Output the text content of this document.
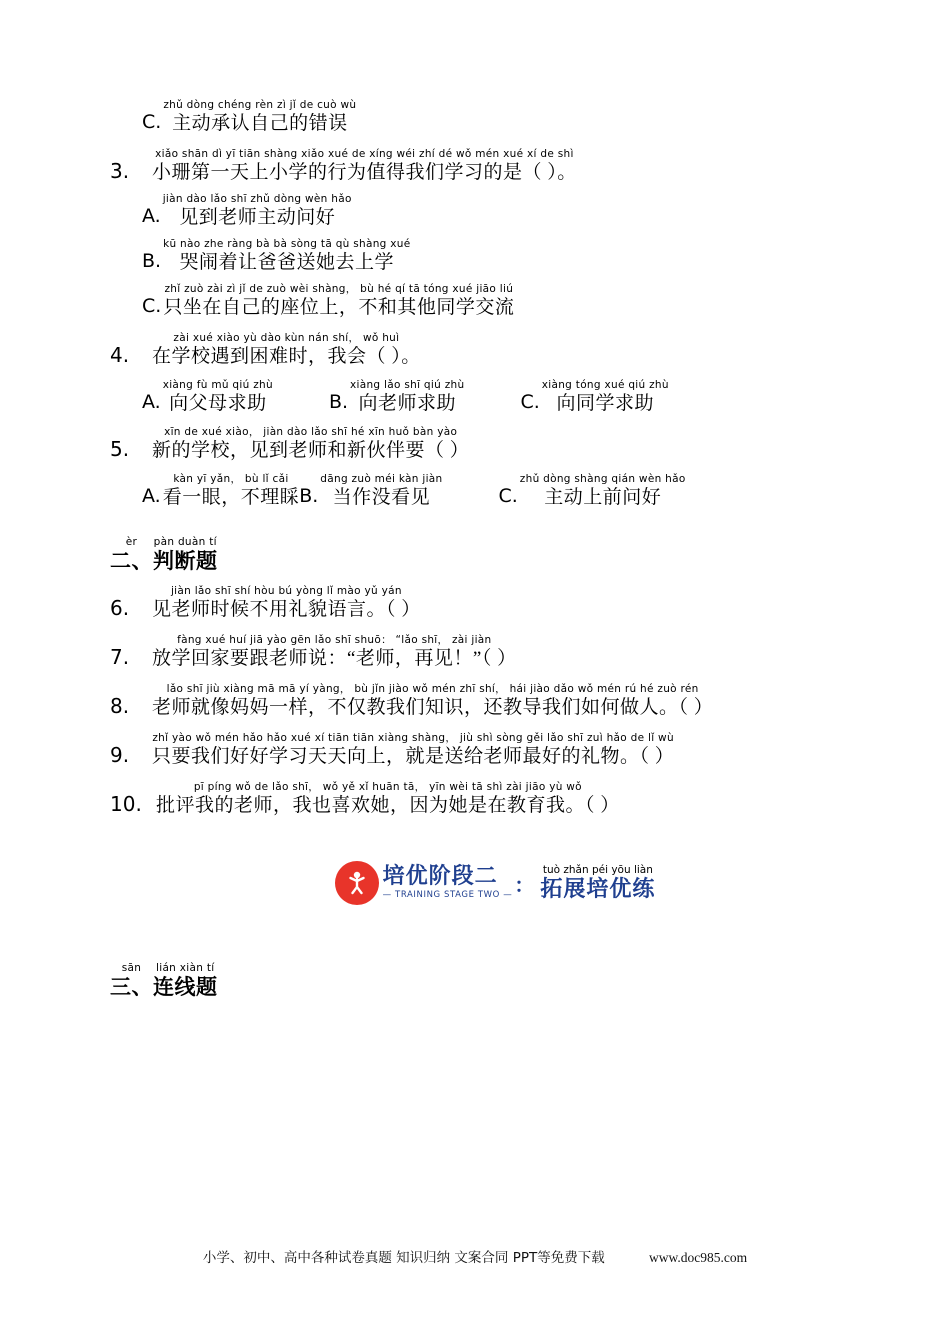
C.
zhǔ dòng chéng rèn zì jǐ de cuò wù
主动承认自己的错误
3.
xiǎo shān dì yī tiān shàng xiǎo xué de xíng wéi zhí dé wǒ mén xué xí de shì
小珊第一天上小学的行为值得我们学习的是（ ）。
A.
jiàn dào lǎo shī zhǔ dòng wèn hǎo
见到老师主动问好
B.
kū nào zhe ràng bà bà sòng tā qù shàng xué
哭闹着让爸爸送她去上学
C.
zhǐ zuò zài zì jǐ de zuò wèi shàng， bù hé qí tā tóng xué jiāo liú
只坐在自己的座位上，不和其他同学交流
4.
zài xué xiào yù dào kùn nán shí， wǒ huì
在学校遇到困难时，我会（ ）。
A.
xiàng fù mǔ qiú zhù
向父母求助	B.
xiàng lǎo shī qiú zhù
向老师求助	C.
xiàng tóng xué qiú zhù
向同学求助
5.
xīn de xué xiào， jiàn dào lǎo shī hé xīn huǒ bàn yào
新的学校，见到老师和新伙伴要（ ）
A.
kàn yī yǎn， bù lǐ cǎi
看一眼，不理睬 B.
dāng zuò méi kàn jiàn
当作没看见	C.
zhǔ dòng shàng qián wèn hǎo
主动上前问好
èr
二、
pàn duàn tí
判断题
6.
jiàn lǎo shī shí hòu bú yòng lǐ mào yǔ yán
见老师时候不用礼貌语言。（ ）
7.
fàng xué huí jiā yào gēn lǎo shī shuō： “lǎo shī， zài jiàn
放学回家要跟老师说：“老师，再见！”（ ）
8.
lǎo shī jiù xiàng mā mā yí yàng， bù jǐn jiào wǒ mén zhī shí， hái jiào dǎo wǒ mén rú hé zuò rén
老师就像妈妈一样，不仅教我们知识，还教导我们如何做人。（ ）
9.
zhǐ yào wǒ mén hǎo hǎo xué xí tiān tiān xiàng shàng， jiù shì sòng gěi lǎo shī zuì hǎo de lǐ wù
只要我们好好学习天天向上，就是送给老师最好的礼物。（ ）
10.
pī píng wǒ de lǎo shī， wǒ yě xǐ huān tā， yīn wèi tā shì zài jiāo yù wǒ
批评我的老师，我也喜欢她，因为她是在教育我。（ ）
培优阶段二
— TRAINING STAGE TWO — ：
tuò zhǎn péi yōu liàn
拓展培优练
sān
三、
lián xiàn tí
连线题
小学、初中、高中各种试卷真题 知识归纳 文案合同 PPT等免费下载	www.doc985.com
